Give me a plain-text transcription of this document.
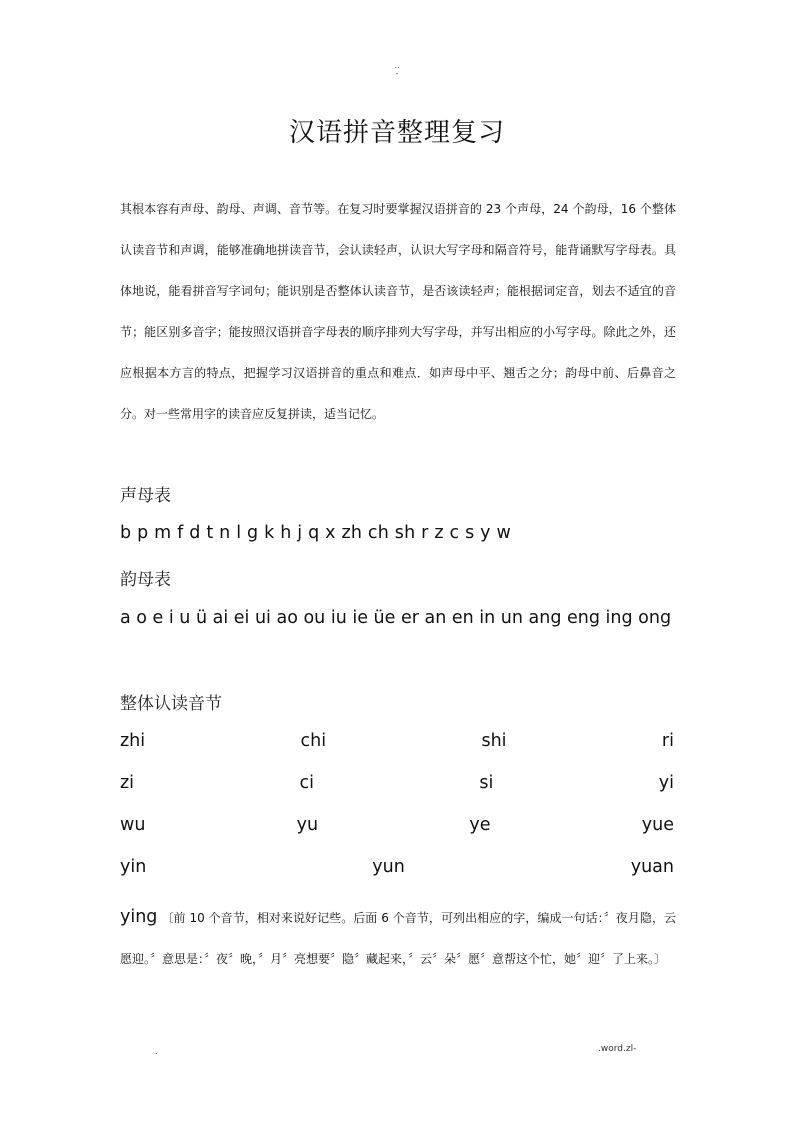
..
-
汉语拼音整理复习

其根本容有声母、韵母、声调、音节等。在复习时要掌握汉语拼音的 23 个声母，24 个韵母，16 个整体认读音节和声调，能够准确地拼读音节，会认读轻声，认识大写字母和隔音符号，能背诵默写字母表。具体地说，能看拼音写字词句；能识别是否整体认读音节，是否该读轻声；能根据词定音，划去不适宜的音节；能区别多音字；能按照汉语拼音字母表的顺序排列大写字母，并写出相应的小写字母。除此之外，还应根据本方言的特点，把握学习汉语拼音的重点和难点．如声母中平、翘舌之分；韵母中前、后鼻音之分。对一些常用字的读音应反复拼读，适当记忆。

声母表
b p m f d t n l g k h j q x zh ch sh r z c s y w
韵母表
a o e i u ü ai ei ui ao ou iu ie üe er an en in un ang eng ing ong
整体认读音节
zhi	chi	shi	ri
zi	ci	si	yi
wu	yu	ye	yue
yin	yun	yuan
ying 〔前 10 个音节，相对来说好记些。后面 6 个音节，可列出相应的字，编成一句话：〞夜月隐，云愿迎。〞意思是：〞夜〞晚，〞月〞亮想要〞隐〞藏起来，〞云〞朵〞愿〞意帮这个忙，她〞迎〞了上来。〕
.	.word.zl-
